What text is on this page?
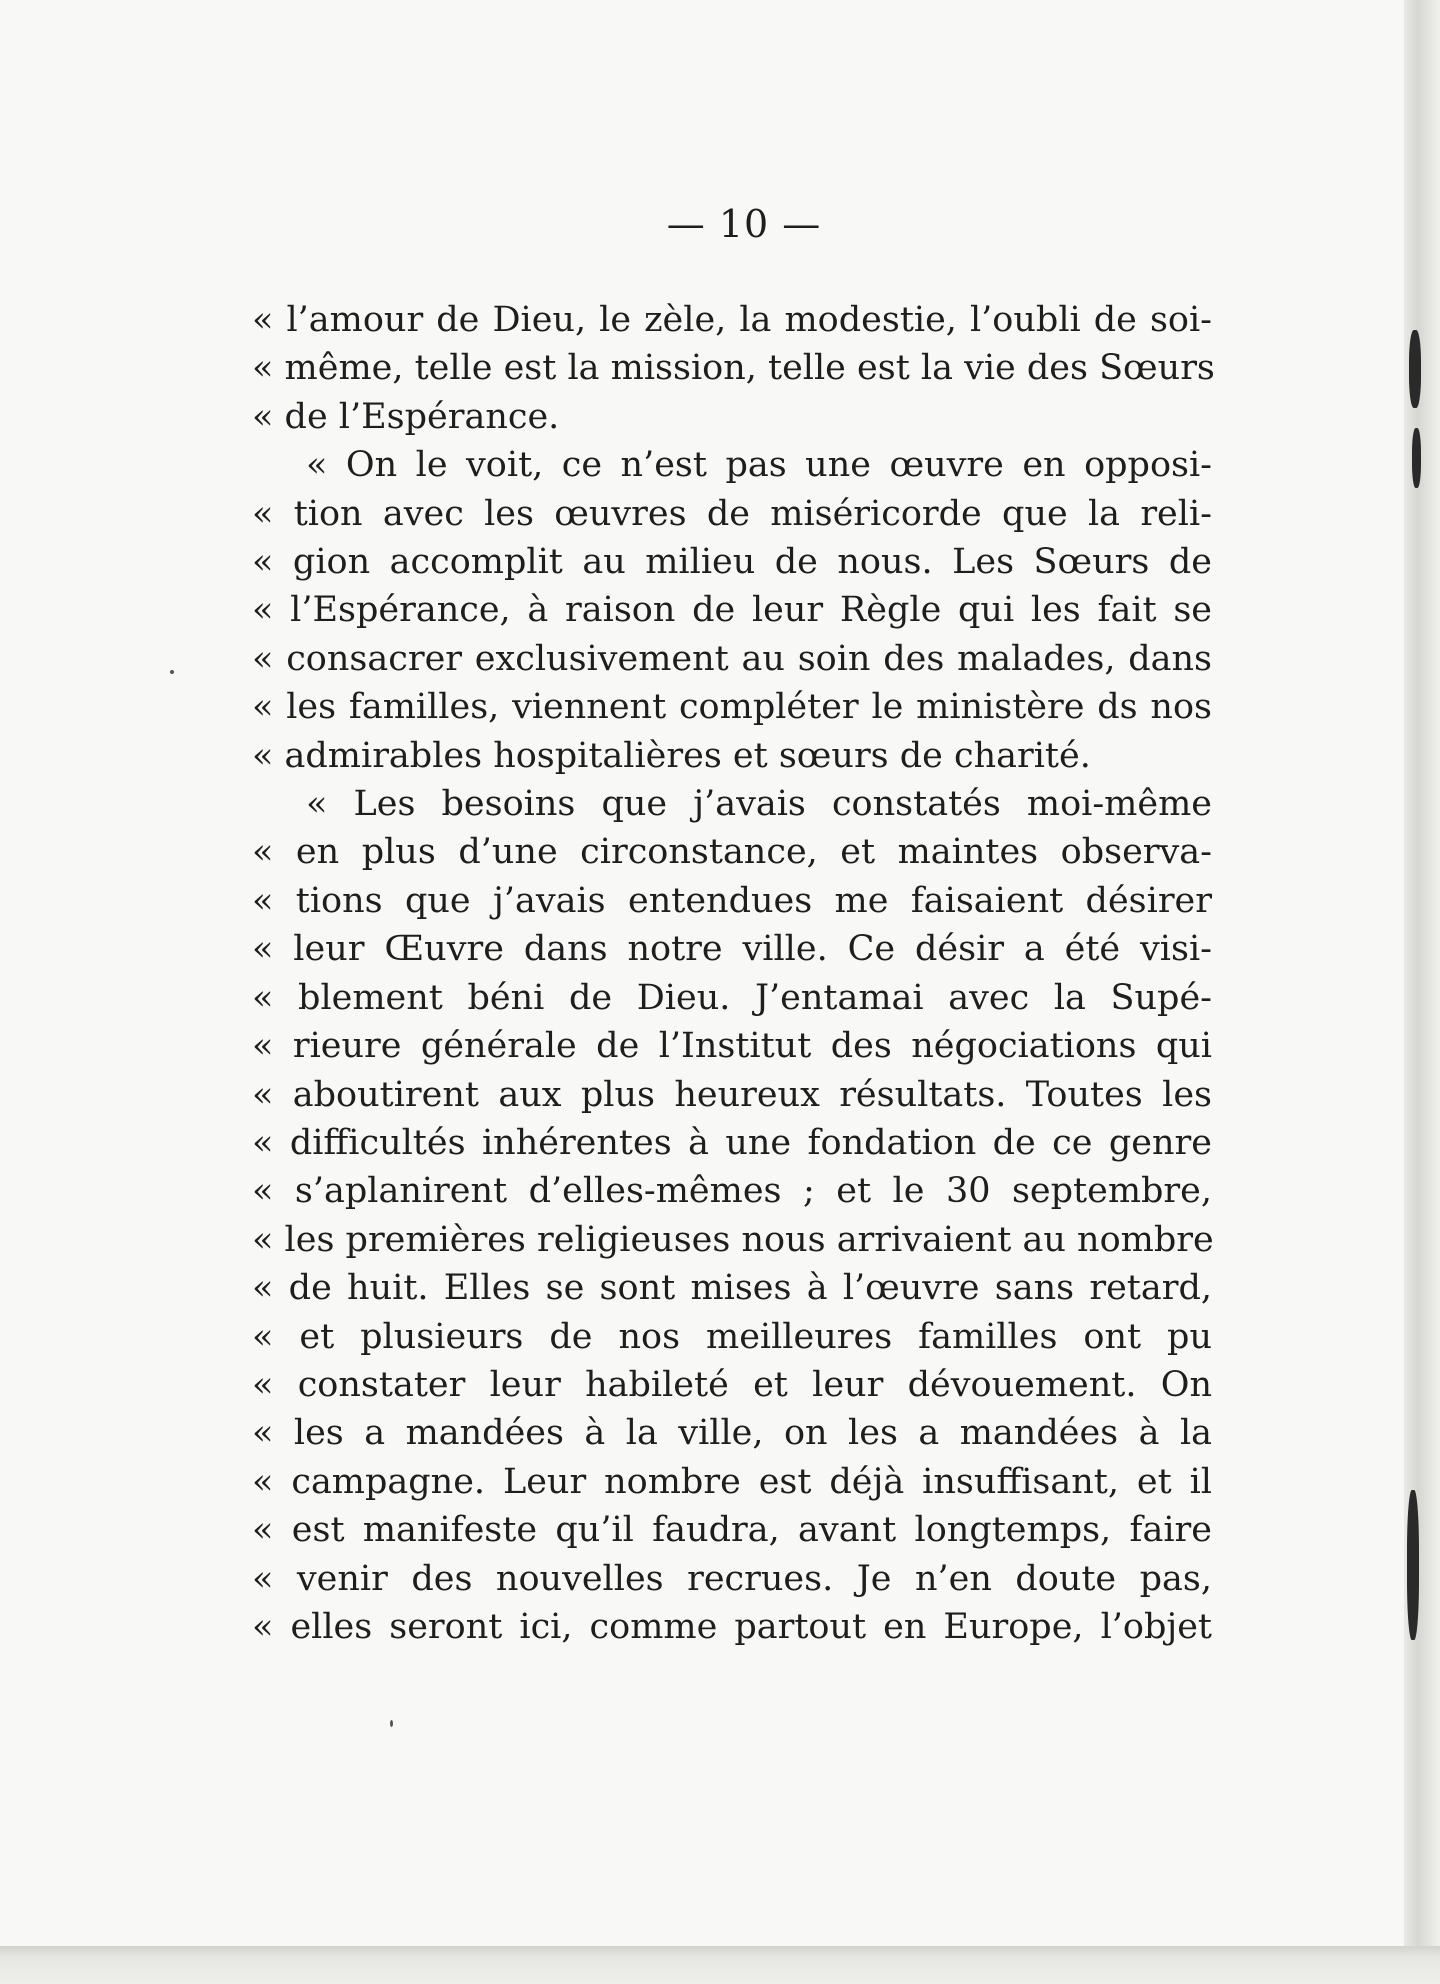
— 10 —
« l’amour de Dieu, le zèle, la modestie, l’oubli de soi-
« même, telle est la mission, telle est la vie des Sœurs
« de l’Espérance.
« On le voit, ce n’est pas une œuvre en opposi-
« tion avec les œuvres de miséricorde que la reli-
« gion accomplit au milieu de nous. Les Sœurs de
« l’Espérance, à raison de leur Règle qui les fait se
« consacrer exclusivement au soin des malades, dans
« les familles, viennent compléter le ministère ds nos
« admirables hospitalières et sœurs de charité.
« Les besoins que j’avais constatés moi-même
« en plus d’une circonstance, et maintes observa-
« tions que j’avais entendues me faisaient désirer
« leur Œuvre dans notre ville. Ce désir a été visi-
« blement béni de Dieu. J’entamai avec la Supé-
« rieure générale de l’Institut des négociations qui
« aboutirent aux plus heureux résultats. Toutes les
« difficultés inhérentes à une fondation de ce genre
« s’aplanirent d’elles-mêmes ; et le 30 septembre,
« les premières religieuses nous arrivaient au nombre
« de huit. Elles se sont mises à l’œuvre sans retard,
« et plusieurs de nos meilleures familles ont pu
« constater leur habileté et leur dévouement. On
« les a mandées à la ville, on les a mandées à la
« campagne. Leur nombre est déjà insuffisant, et il
« est manifeste qu’il faudra, avant longtemps, faire
« venir des nouvelles recrues. Je n’en doute pas,
« elles seront ici, comme partout en Europe, l’objet
